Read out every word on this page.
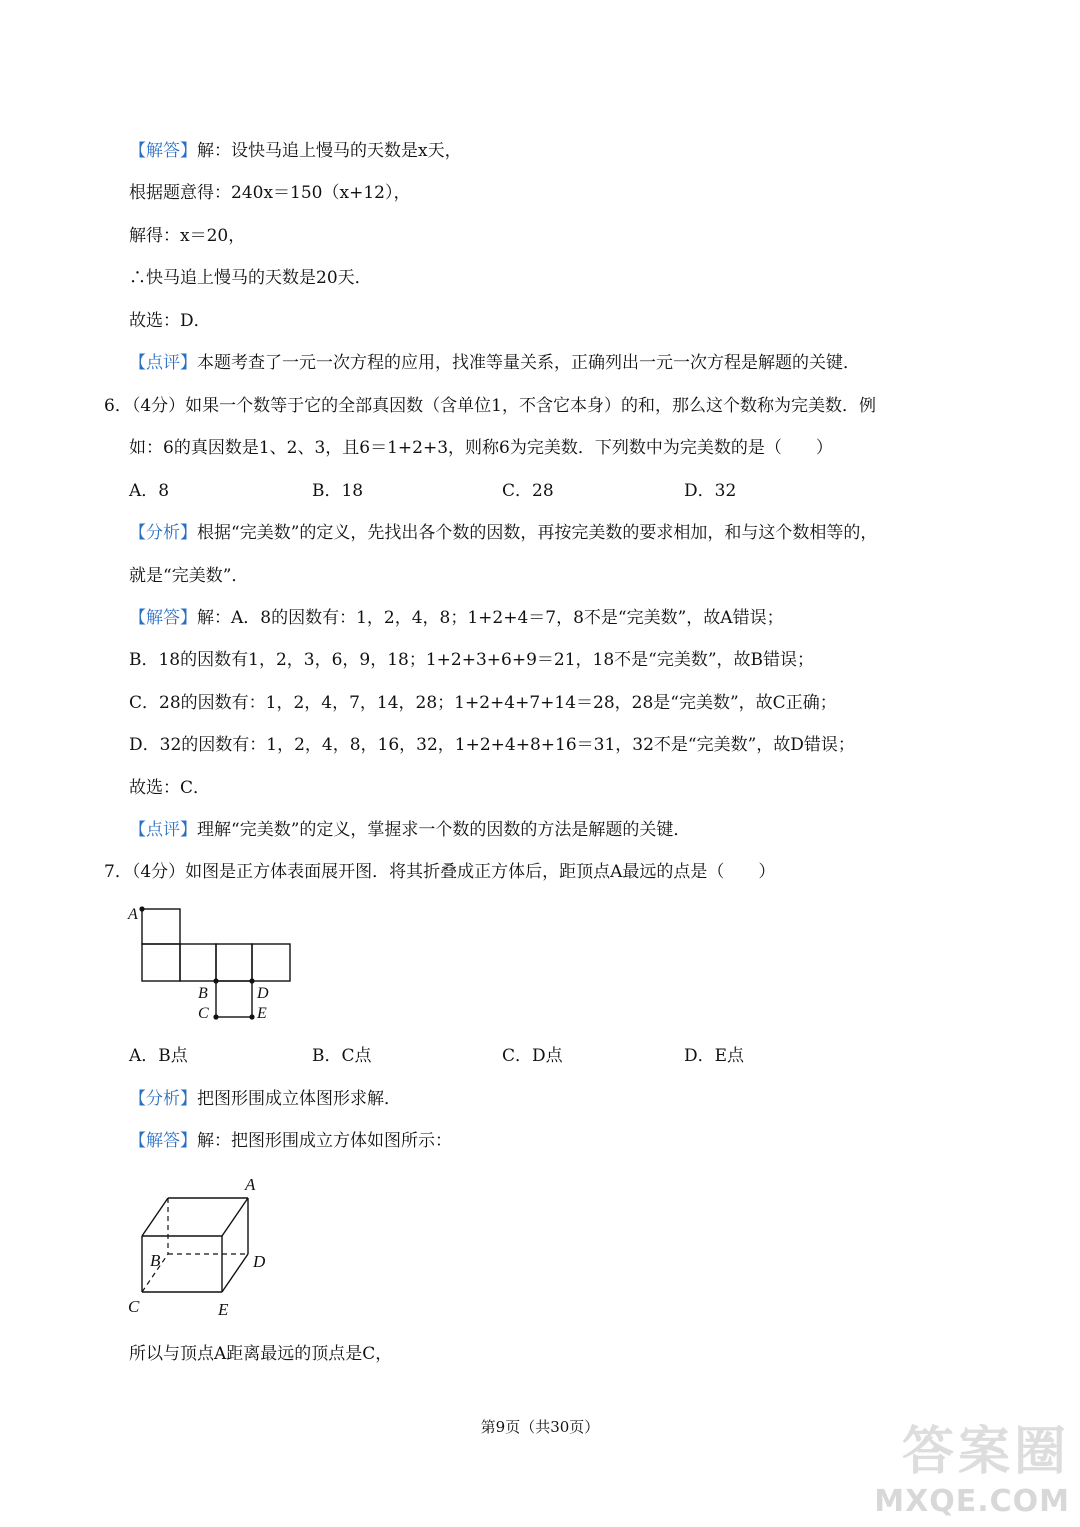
【解答】解：设快马追上慢马的天数是x天，
根据题意得：240x＝150（x+12），
解得：x＝20，
∴快马追上慢马的天数是20天．
故选：D．
【点评】本题考查了一元一次方程的应用，找准等量关系，正确列出一元一次方程是解题的关键．
6．（4分）如果一个数等于它的全部真因数（含单位1，不含它本身）的和，那么这个数称为完美数．例
如：6的真因数是1、2、3，且6＝1+2+3，则称6为完美数．下列数中为完美数的是（　　）
A．8	B．18	C．28	D．32
【分析】根据“完美数”的定义，先找出各个数的因数，再按完美数的要求相加，和与这个数相等的，
就是“完美数”．
【解答】解：A．8的因数有：1，2，4，8；1+2+4＝7，8不是“完美数”，故A错误；
B．18的因数有1，2，3，6，9，18；1+2+3+6+9＝21，18不是“完美数”，故B错误；
C．28的因数有：1，2，4，7，14，28；1+2+4+7+14＝28，28是“完美数”，故C正确；
D．32的因数有：1，2，4，8，16，32，1+2+4+8+16＝31，32不是“完美数”，故D错误；
故选：C．
【点评】理解“完美数”的定义，掌握求一个数的因数的方法是解题的关键．
7．（4分）如图是正方体表面展开图．将其折叠成正方体后，距顶点A最远的点是（　　）
A
B	D
C	E
A．B点	B．C点	C．D点	D．E点
【分析】把图形围成立体图形求解．
【解答】解：把图形围成立方体如图所示：
A
B	D
C	E
所以与顶点A距离最远的顶点是C，
第9页（共30页）	答案圈
MXQE.COM
